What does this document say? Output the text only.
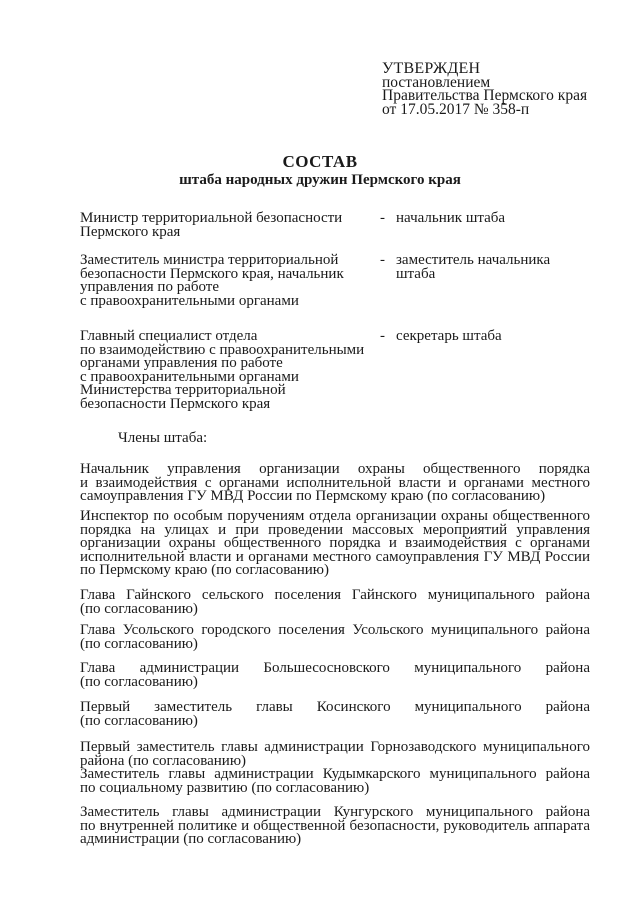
УТВЕРЖДЕН
постановлением
Правительства Пермского края
от 17.05.2017 № 358-п
СОСТАВ
штаба народных дружин Пермского края
Министр территориальной безопасности
Пермского края
- начальник штаба
Заместитель министра территориальной
безопасности Пермского края, начальник
управления по работе
с правоохранительными органами
- заместитель начальника
штаба
Главный специалист отдела
по взаимодействию с правоохранительными
органами управления по работе
с правоохранительными органами
Министерства территориальной
безопасности Пермского края
- секретарь штаба
Члены штаба:
Начальник управления организации охраны общественного порядка
и взаимодействия с органами исполнительной власти и органами местного
самоуправления ГУ МВД России по Пермскому краю (по согласованию)
Инспектор по особым поручениям отдела организации охраны общественного
порядка на улицах и при проведении массовых мероприятий управления
организации охраны общественного порядка и взаимодействия с органами
исполнительной власти и органами местного самоуправления ГУ МВД России
по Пермскому краю (по согласованию)
Глава Гайнского сельского поселения Гайнского муниципального района
(по согласованию)
Глава Усольского городского поселения Усольского муниципального района
(по согласованию)
Глава администрации Большесосновского муниципального района
(по согласованию)
Первый заместитель главы Косинского муниципального района
(по согласованию)
Первый заместитель главы администрации Горнозаводского муниципального
района (по согласованию)
Заместитель главы администрации Кудымкарского муниципального района
по социальному развитию (по согласованию)
Заместитель главы администрации Кунгурского муниципального района
по внутренней политике и общественной безопасности, руководитель аппарата
администрации (по согласованию)
